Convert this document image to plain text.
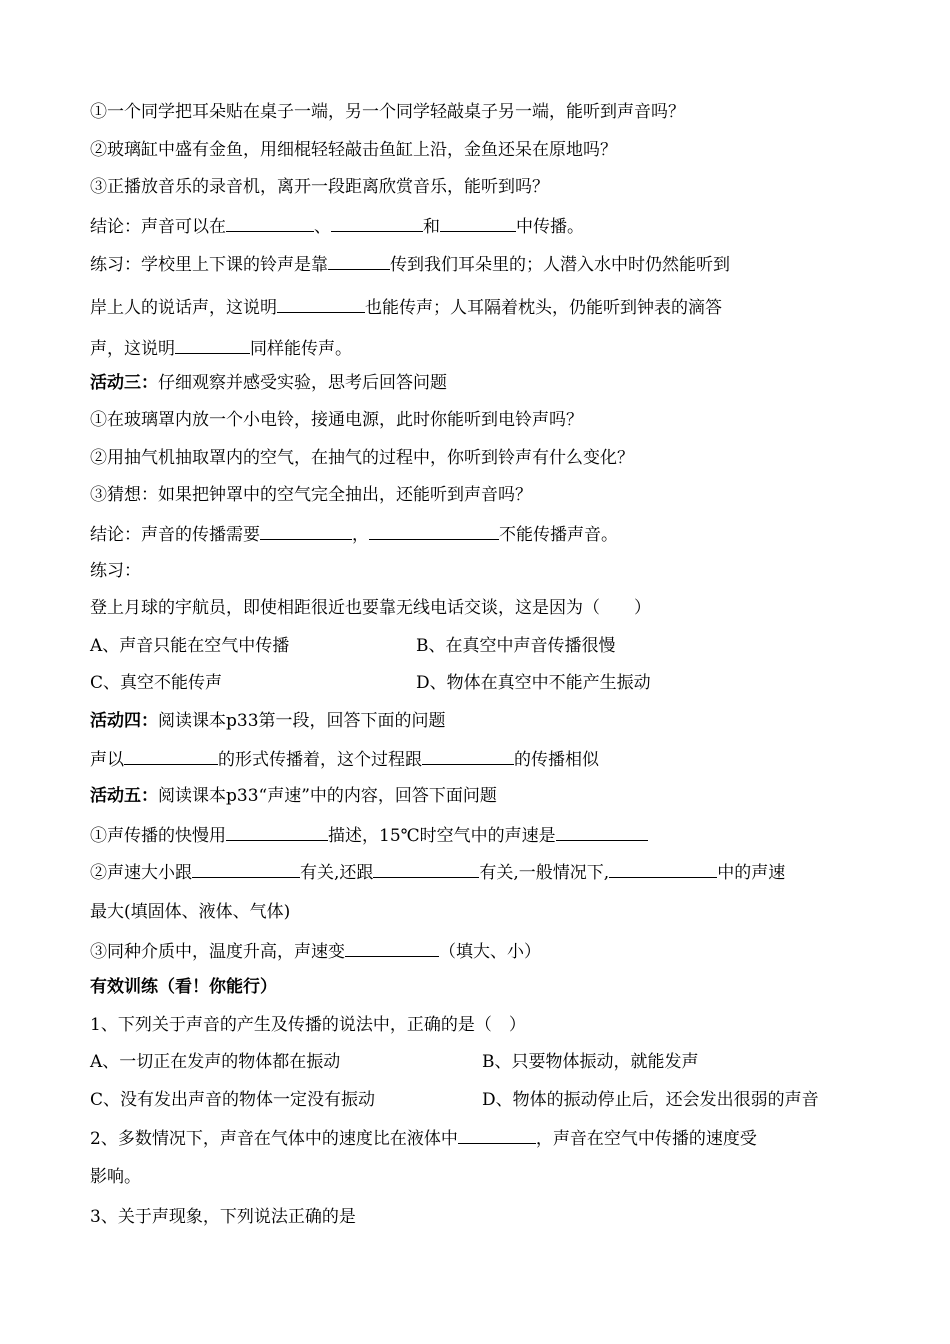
①一个同学把耳朵贴在桌子一端，另一个同学轻敲桌子另一端，能听到声音吗？
②玻璃缸中盛有金鱼，用细棍轻轻敲击鱼缸上沿，金鱼还呆在原地吗？
③正播放音乐的录音机，离开一段距离欣赏音乐，能听到吗？
结论：声音可以在	、	和	中传播。
练习：学校里上下课的铃声是靠	传到我们耳朵里的；人潜入水中时仍然能听到
岸上人的说话声，这说明	也能传声；人耳隔着枕头，仍能听到钟表的滴答
声，这说明	同样能传声。
活动三：仔细观察并感受实验，思考后回答问题
①在玻璃罩内放一个小电铃，接通电源，此时你能听到电铃声吗？
②用抽气机抽取罩内的空气，在抽气的过程中，你听到铃声有什么变化？
③猜想：如果把钟罩中的空气完全抽出，还能听到声音吗？
结论：声音的传播需要	，	不能传播声音。
练习：
登上月球的宇航员，即使相距很近也要靠无线电话交谈，这是因为（　　）
A、声音只能在空气中传播	B、在真空中声音传播很慢
C、真空不能传声	D、物体在真空中不能产生振动
活动四：阅读课本p33第一段，回答下面的问题
声以	的形式传播着，这个过程跟	的传播相似
活动五：阅读课本p33“声速”中的内容，回答下面问题
①声传播的快慢用	描述，15℃时空气中的声速是
②声速大小跟	有关,还跟	有关,一般情况下,	中的声速
最大(填固体、液体、气体)
③同种介质中，温度升高，声速变	（填大、小）
有效训练（看！你能行）
1、下列关于声音的产生及传播的说法中，正确的是（　）
A、一切正在发声的物体都在振动	B、只要物体振动，就能发声
C、没有发出声音的物体一定没有振动	D、物体的振动停止后，还会发出很弱的声音
2、多数情况下，声音在气体中的速度比在液体中	，声音在空气中传播的速度受
影响。
3、关于声现象，下列说法正确的是
